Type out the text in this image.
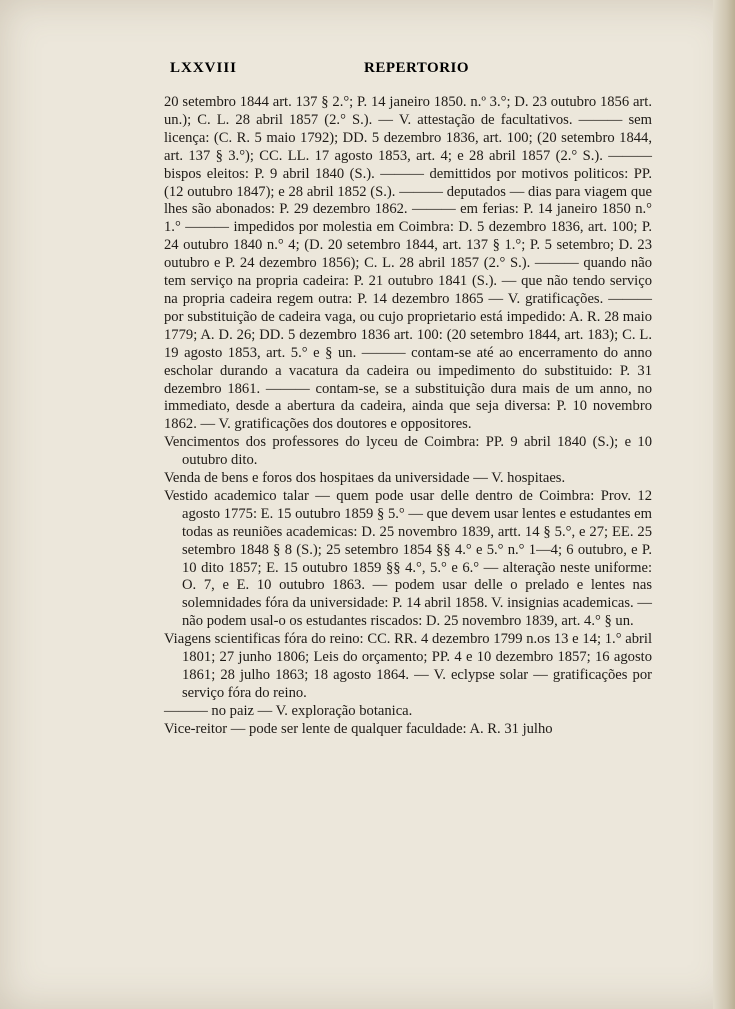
LXXVIII	REPERTORIO

20 setembro 1844 art. 137 § 2.°; P. 14 janeiro 1850. n.º 3.°; D. 23 outubro 1856 art. un.); C. L. 28 abril 1857 (2.° S.). — V. attestação de facultativos. ——— sem licença: (C. R. 5 maio 1792); DD. 5 dezembro 1836, art. 100; (20 setembro 1844, art. 137 § 3.°); CC. LL. 17 agosto 1853, art. 4; e 28 abril 1857 (2.° S.). ——— bispos eleitos: P. 9 abril 1840 (S.). ——— demittidos por motivos politicos: PP. (12 outubro 1847); e 28 abril 1852 (S.). ——— deputados — dias para viagem que lhes são abonados: P. 29 dezembro 1862. ——— em ferias: P. 14 janeiro 1850 n.° 1.° ——— impedidos por molestia em Coimbra: D. 5 dezembro 1836, art. 100; P. 24 outubro 1840 n.° 4; (D. 20 setembro 1844, art. 137 § 1.°; P. 5 setembro; D. 23 outubro e P. 24 dezembro 1856); C. L. 28 abril 1857 (2.° S.). ——— quando não tem serviço na propria cadeira: P. 21 outubro 1841 (S.). — que não tendo serviço na propria cadeira regem outra: P. 14 dezembro 1865 — V. gratificações. ——— por substituição de cadeira vaga, ou cujo proprietario está impedido: A. R. 28 maio 1779; A. D. 26; DD. 5 dezembro 1836 art. 100: (20 setembro 1844, art. 183); C. L. 19 agosto 1853, art. 5.° e § un. ——— contam-se até ao encerramento do anno escholar durando a vacatura da cadeira ou impedimento do substituido: P. 31 dezembro 1861. ——— contam-se, se a substituição dura mais de um anno, no immediato, desde a abertura da cadeira, ainda que seja diversa: P. 10 novembro 1862. — V. gratificações dos doutores e oppositores.

Vencimentos dos professores do lyceu de Coimbra: PP. 9 abril 1840 (S.); e 10 outubro dito.

Venda de bens e foros dos hospitaes da universidade — V. hospitaes.

Vestido academico talar — quem pode usar delle dentro de Coimbra: Prov. 12 agosto 1775: E. 15 outubro 1859 § 5.° — que devem usar lentes e estudantes em todas as reuniões academicas: D. 25 novembro 1839, artt. 14 § 5.°, e 27; EE. 25 setembro 1848 § 8 (S.); 25 setembro 1854 §§ 4.° e 5.° n.° 1—4; 6 outubro, e P. 10 dito 1857; E. 15 outubro 1859 §§ 4.°, 5.° e 6.° — alteração neste uniforme: O. 7, e E. 10 outubro 1863. — podem usar delle o prelado e lentes nas solemnidades fóra da universidade: P. 14 abril 1858. V. insignias academicas. — não podem usal-o os estudantes riscados: D. 25 novembro 1839, art. 4.° § un.

Viagens scientificas fóra do reino: CC. RR. 4 dezembro 1799 n.os 13 e 14; 1.° abril 1801; 27 junho 1806; Leis do orçamento; PP. 4 e 10 dezembro 1857; 16 agosto 1861; 28 julho 1863; 18 agosto 1864. — V. eclypse solar — gratificações por serviço fóra do reino.

——— no paiz — V. exploração botanica.

Vice-reitor — pode ser lente de qualquer faculdade: A. R. 31 julho
